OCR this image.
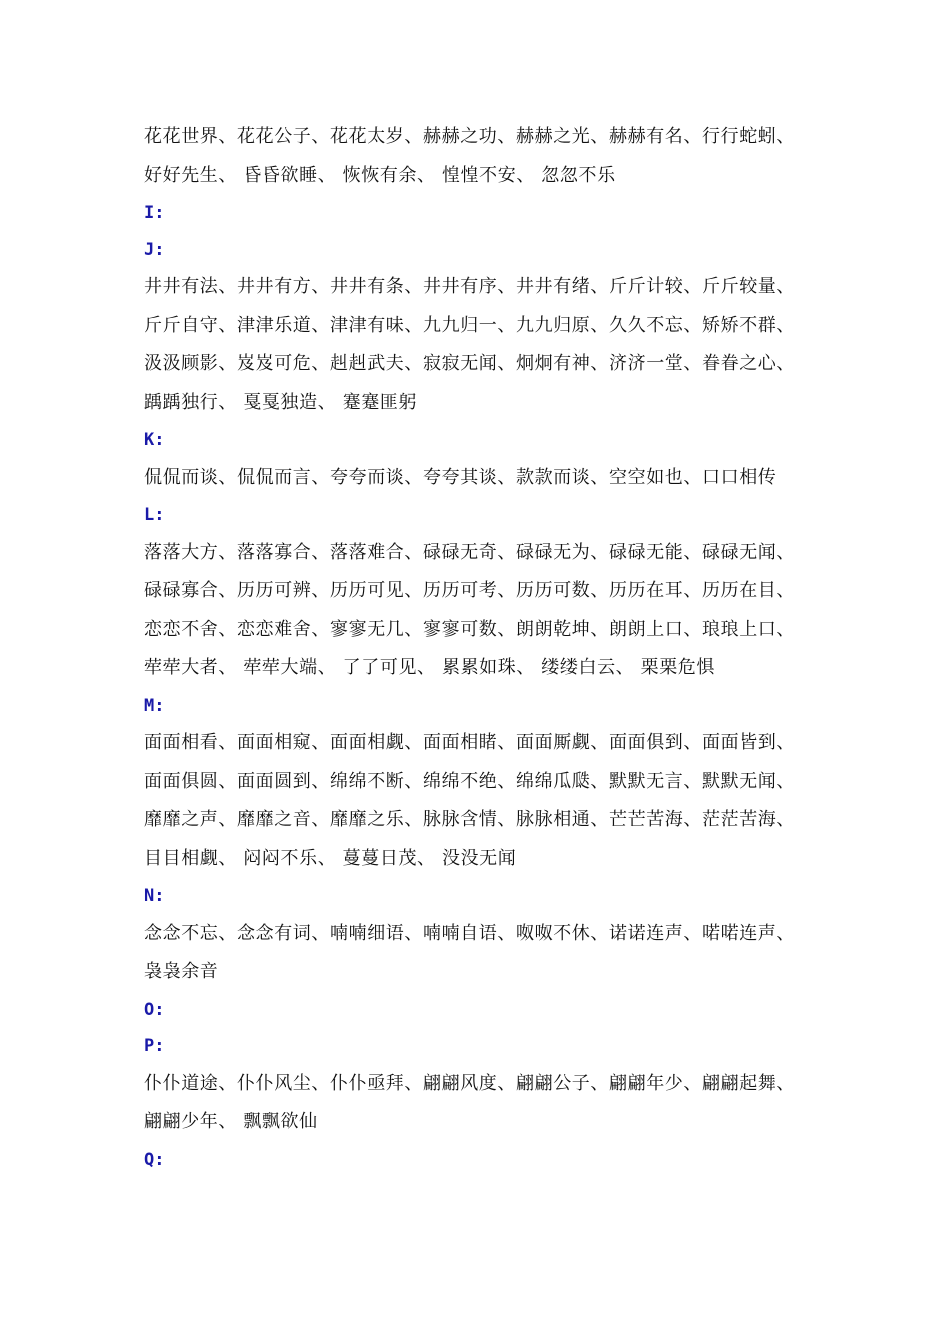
花花世界、花花公子、花花太岁、赫赫之功、赫赫之光、赫赫有名、行行蛇蚓、
好好先生、 昏昏欲睡、 恢恢有余、 惶惶不安、 忽忽不乐
I:
J:
井井有法、井井有方、井井有条、井井有序、井井有绪、斤斤计较、斤斤较量、
斤斤自守、津津乐道、津津有味、九九归一、九九归原、久久不忘、矫矫不群、
汲汲顾影、岌岌可危、赳赳武夫、寂寂无闻、炯炯有神、济济一堂、眷眷之心、
踽踽独行、 戛戛独造、 蹇蹇匪躬
K:
侃侃而谈、侃侃而言、夸夸而谈、夸夸其谈、款款而谈、空空如也、口口相传
L:
落落大方、落落寡合、落落难合、碌碌无奇、碌碌无为、碌碌无能、碌碌无闻、
碌碌寡合、历历可辨、历历可见、历历可考、历历可数、历历在耳、历历在目、
恋恋不舍、恋恋难舍、寥寥无几、寥寥可数、朗朗乾坤、朗朗上口、琅琅上口、
荦荦大者、 荦荦大端、 了了可见、 累累如珠、 缕缕白云、 栗栗危惧
M:
面面相看、面面相窥、面面相觑、面面相睹、面面厮觑、面面俱到、面面皆到、
面面俱圆、面面圆到、绵绵不断、绵绵不绝、绵绵瓜瓞、默默无言、默默无闻、
靡靡之声、靡靡之音、靡靡之乐、脉脉含情、脉脉相通、芒芒苦海、茫茫苦海、
目目相觑、 闷闷不乐、 蔓蔓日茂、 没没无闻
N:
念念不忘、念念有词、喃喃细语、喃喃自语、呶呶不休、诺诺连声、喏喏连声、
袅袅余音
O:
P:
仆仆道途、仆仆风尘、仆仆亟拜、翩翩风度、翩翩公子、翩翩年少、翩翩起舞、
翩翩少年、 飘飘欲仙
Q:
